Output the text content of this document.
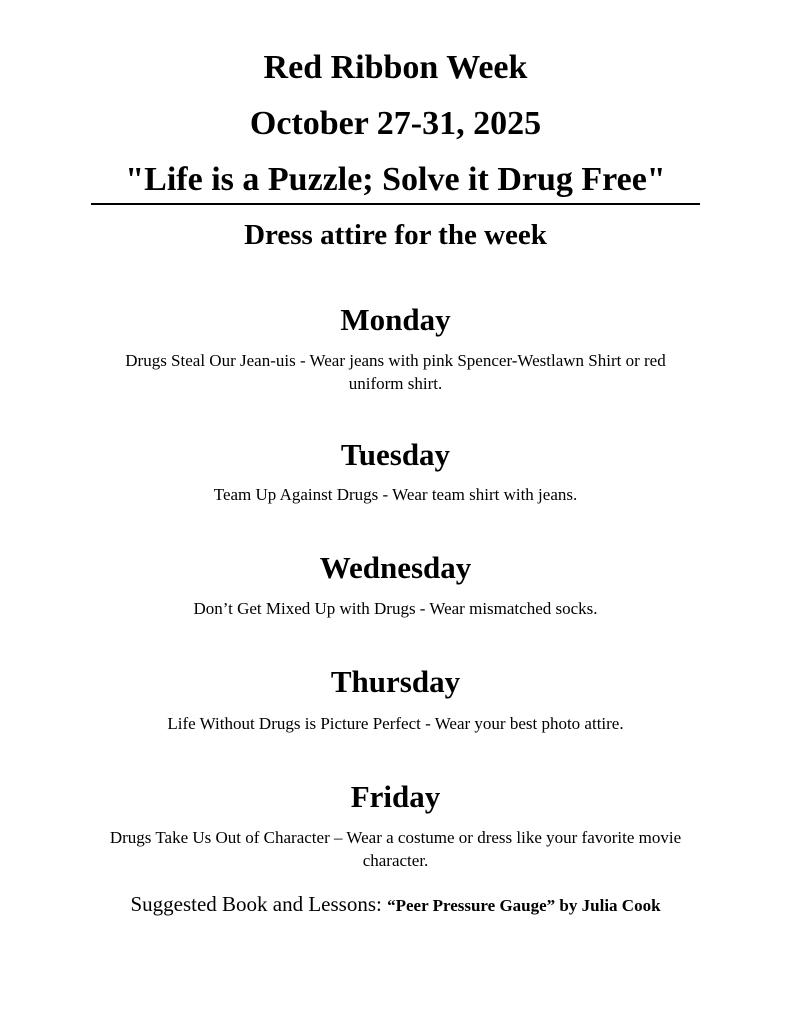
Red Ribbon Week
October 27-31, 2025
"Life is a Puzzle; Solve it Drug Free"
Dress attire for the week
Monday

Drugs Steal Our Jean-uis - Wear jeans with pink Spencer-Westlawn Shirt or red uniform shirt.

Tuesday

Team Up Against Drugs - Wear team shirt with jeans.

Wednesday

Don’t Get Mixed Up with Drugs - Wear mismatched socks.

Thursday

Life Without Drugs is Picture Perfect - Wear your best photo attire.

Friday

Drugs Take Us Out of Character – Wear a costume or dress like your favorite movie character.

Suggested Book and Lessons: “Peer Pressure Gauge” by Julia Cook
